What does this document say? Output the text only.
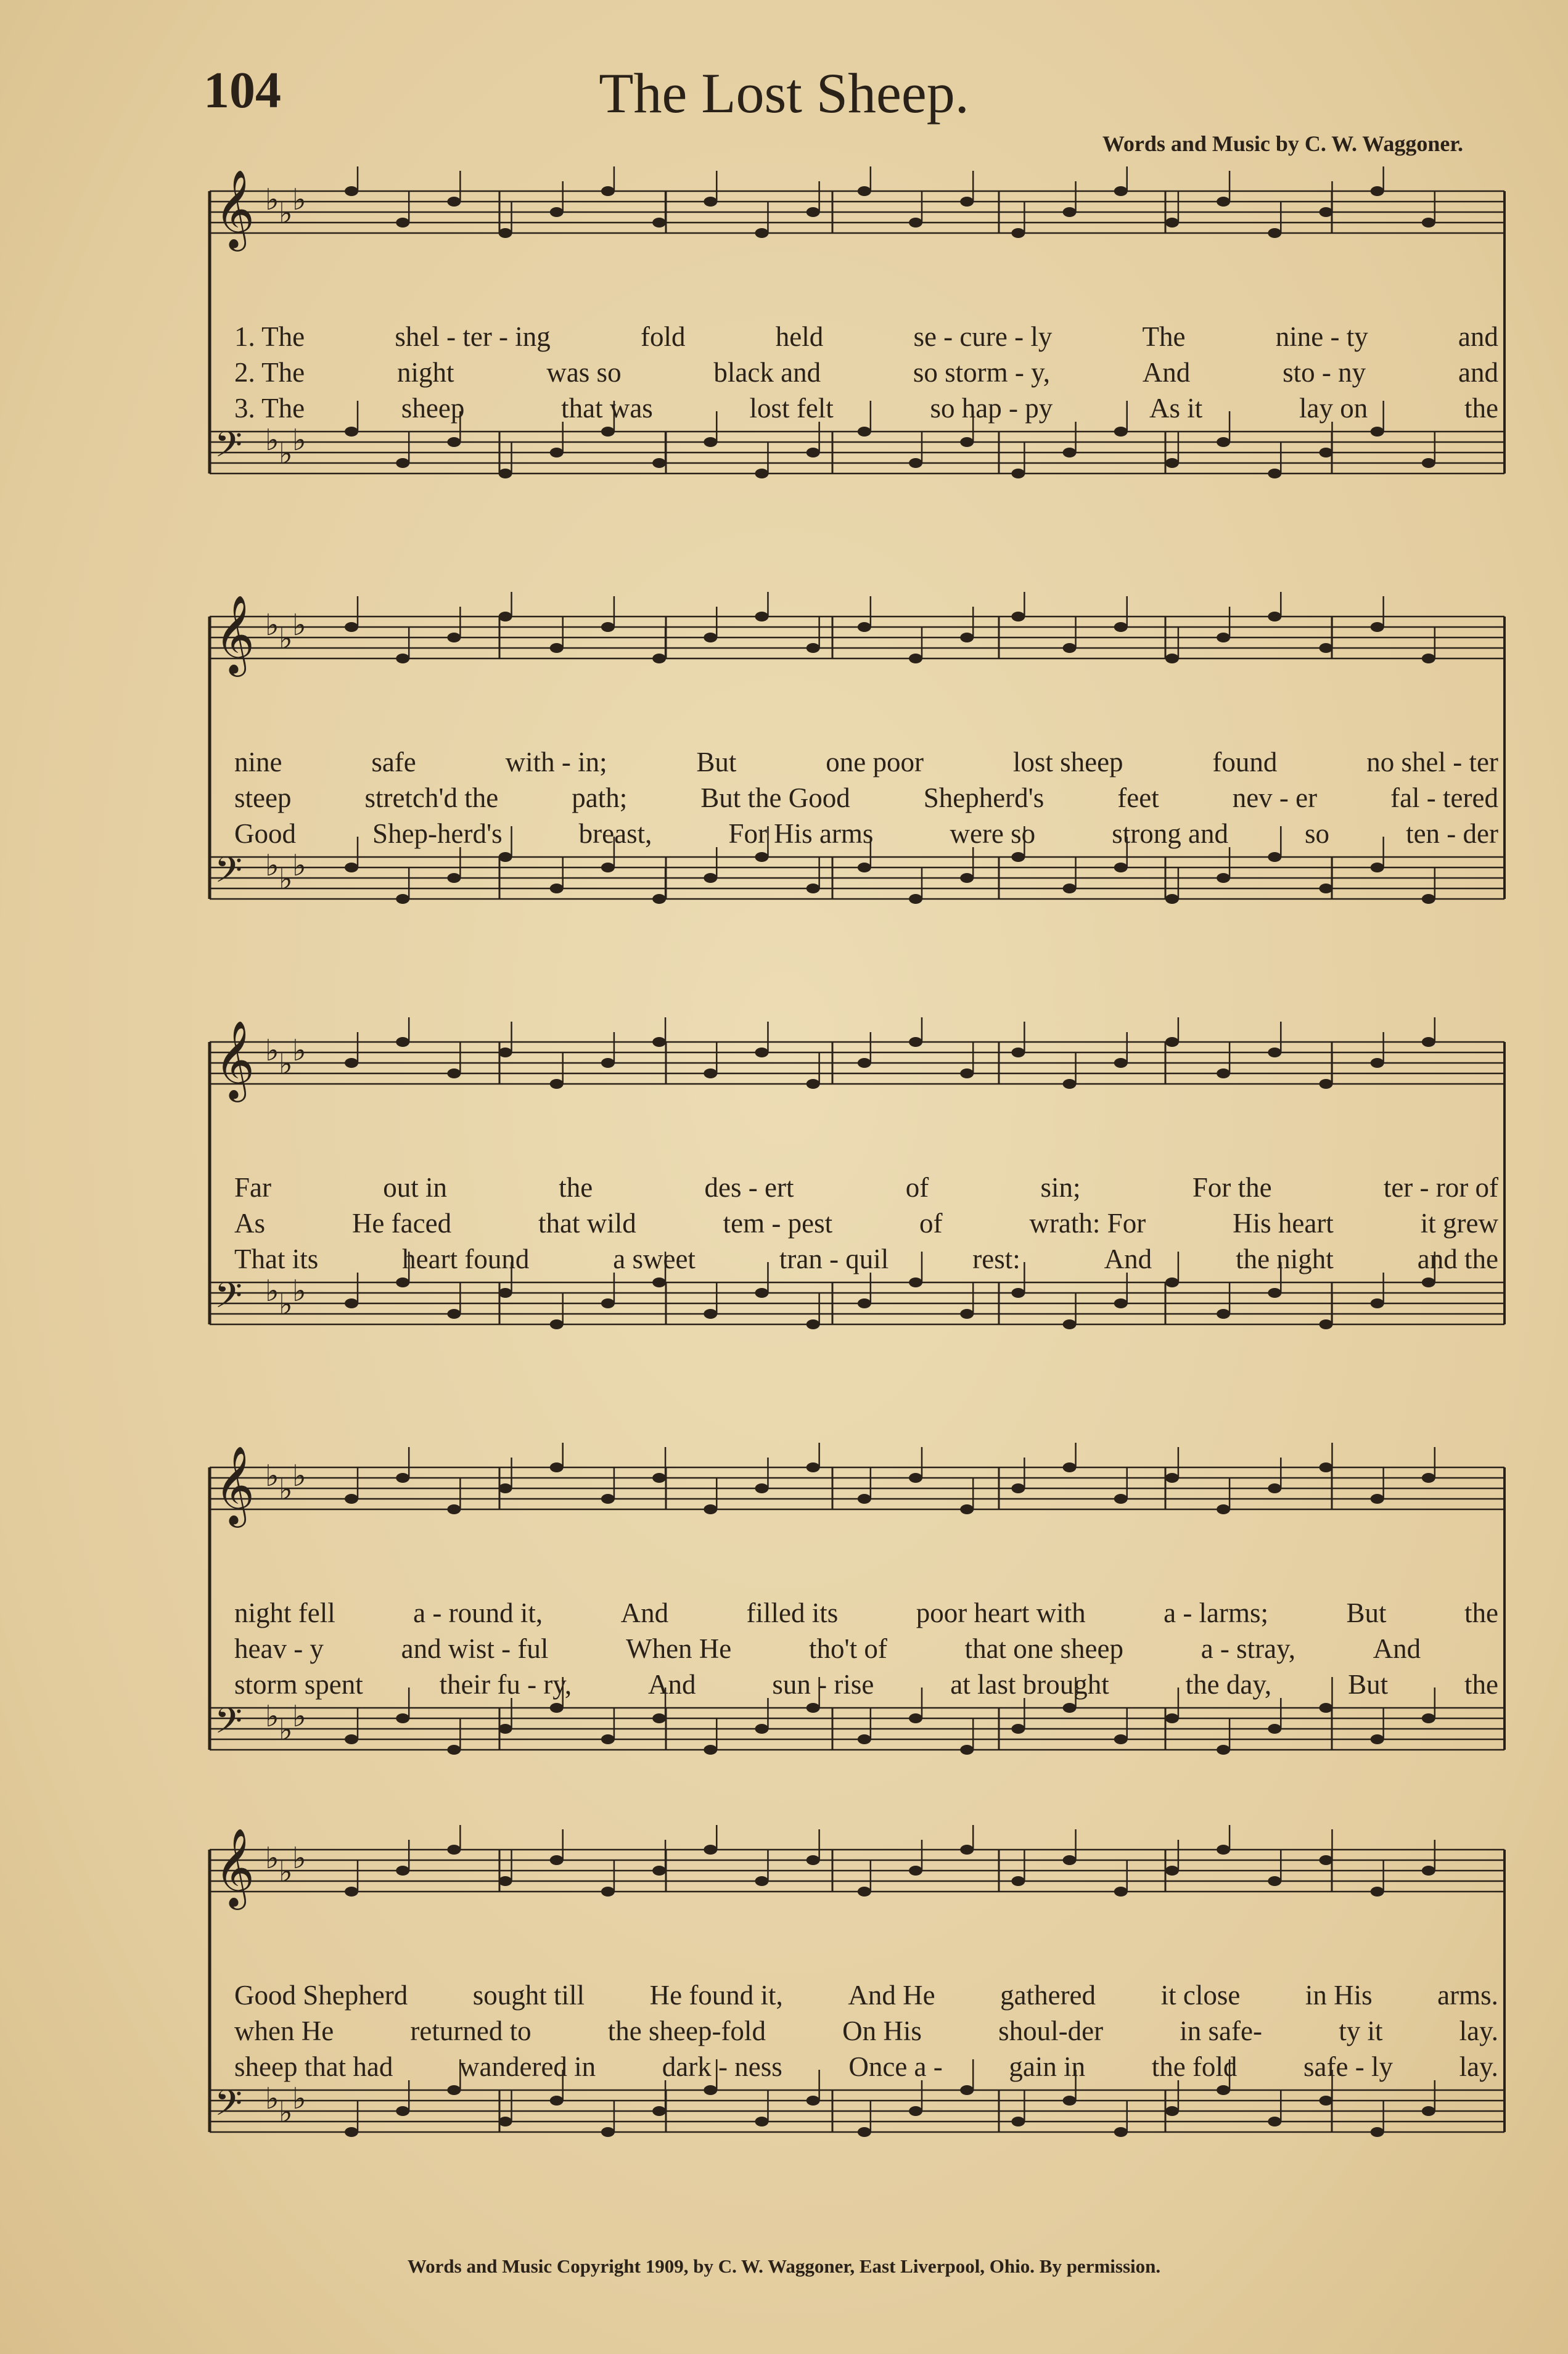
104	The Lost Sheep.
Words and Music by C. W. Waggoner.
𝄞 ♭ ♭ ♭
𝄢 ♭ ♭ ♭
1. The	shel - ter - ing	fold	held	se - cure - ly	The	nine - ty	and
2. The	night	was so	black and	so storm - y,	And	sto - ny	and
3. The	sheep	that was	lost felt	so hap - py	As it	lay on	the
𝄞 ♭ ♭ ♭
𝄢 ♭ ♭ ♭
nine	safe	with - in;	But	one poor	lost sheep	found	no shel - ter
steep	stretch'd the	path;	But the Good	Shepherd's	feet	nev - er	fal - tered
Good	Shep-herd's	breast,	For His arms	were so	strong and	so	ten - der
𝄞 ♭ ♭ ♭
𝄢 ♭ ♭ ♭
Far	out in	the	des - ert	of	sin;	For the	ter - ror of
As	He faced	that wild	tem - pest	of	wrath: For	His heart	it grew
That its	heart found	a sweet	tran - quil	rest:	And	the night	and the
𝄞 ♭ ♭ ♭
𝄢 ♭ ♭ ♭
night fell	a - round it,	And	filled its	poor heart with	a - larms;	But	the
heav - y	and wist - ful	When He	tho't of	that one sheep	a - stray,	And
storm spent	their fu - ry,	And	sun - rise	at last brought	the day,	But	the
𝄞 ♭ ♭ ♭
𝄢 ♭ ♭ ♭
Good Shepherd sought till He found it, And He gathered it close in His arms.
when He	returned to	the sheep-fold	On His	shoul-der	in safe-	ty it	lay.
sheep that had wandered in dark - ness Once a - gain in the fold safe - ly lay.
Words and Music Copyright 1909, by C. W. Waggoner, East Liverpool, Ohio. By permission.
